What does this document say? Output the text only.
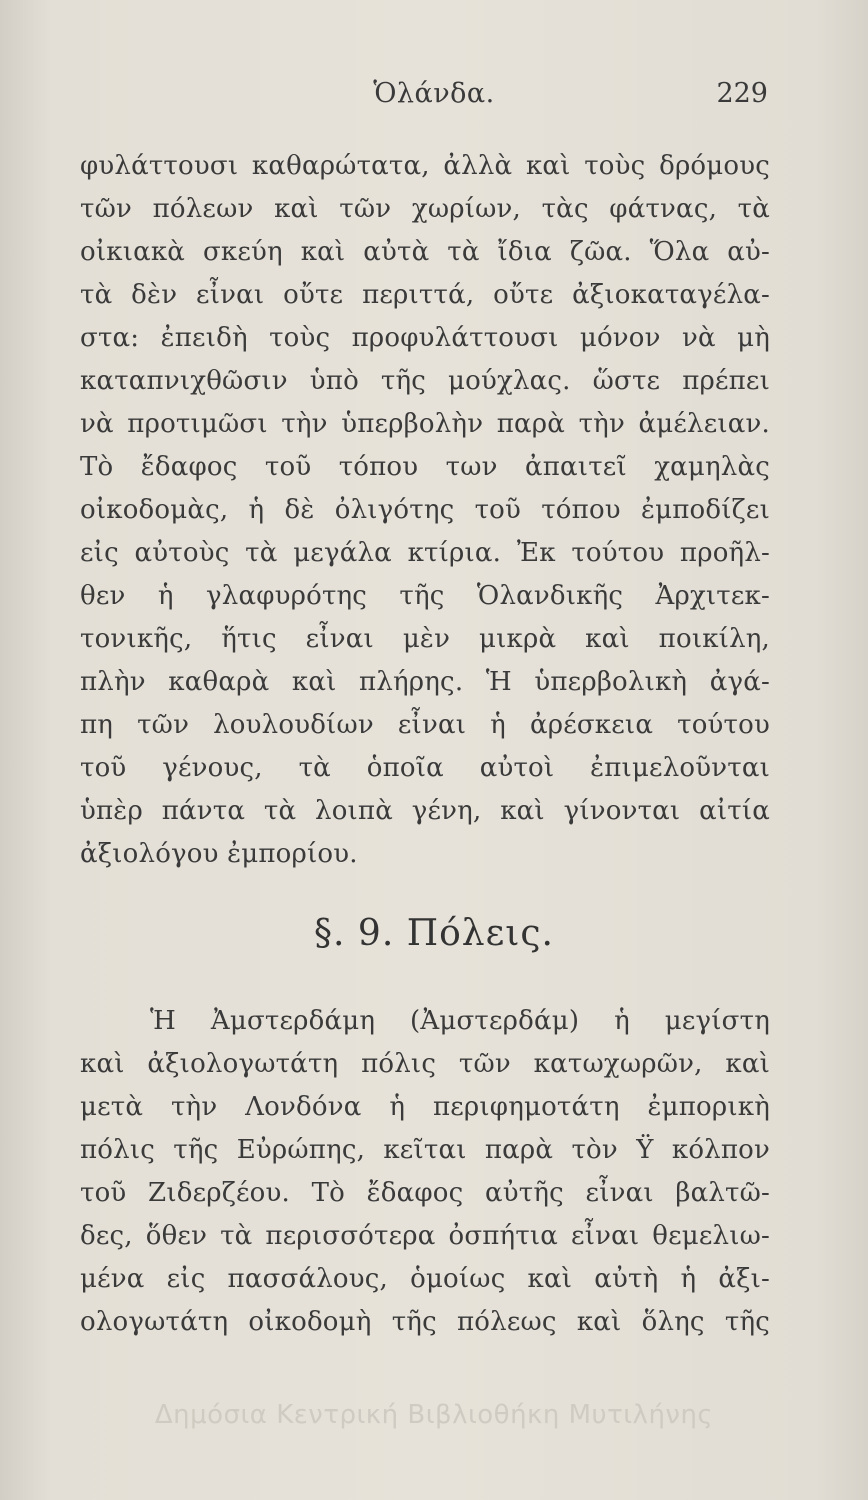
Ὁλάνδα.	229
φυλάττουσι καθαρώτατα, ἀλλὰ καὶ τοὺς δρόμους
τῶν πόλεων καὶ τῶν χωρίων, τὰς φάτνας, τὰ
οἰκιακὰ σκεύη καὶ αὐτὰ τὰ ἴδια ζῶα. Ὅλα αὐ-
τὰ δὲν εἶναι οὔτε περιττά, οὔτε ἀξιοκαταγέλα-
στα: ἐπειδὴ τοὺς προφυλάττουσι μόνον νὰ μὴ
καταπνιχθῶσιν ὑπὸ τῆς μούχλας. ὥστε πρέπει
νὰ προτιμῶσι τὴν ὑπερβολὴν παρὰ τὴν ἀμέλειαν.
Τὸ ἔδαφος τοῦ τόπου των ἀπαιτεῖ χαμηλὰς
οἰκοδομὰς, ἡ δὲ ὀλιγότης τοῦ τόπου ἐμποδίζει
εἰς αὐτοὺς τὰ μεγάλα κτίρια. Ἐκ τούτου προῆλ-
θεν ἡ γλαφυρότης τῆς Ὁλανδικῆς Ἀρχιτεκ-
τονικῆς, ἥτις εἶναι μὲν μικρὰ καὶ ποικίλη,
πλὴν καθαρὰ καὶ πλήρης. Ἡ ὑπερβολικὴ ἀγά-
πη τῶν λουλουδίων εἶναι ἡ ἀρέσκεια τούτου
τοῦ γένους, τὰ ὁποῖα αὐτοὶ ἐπιμελοῦνται
ὑπὲρ πάντα τὰ λοιπὰ γένη, καὶ γίνονται αἰτία
ἀξιολόγου ἐμπορίου.
§. 9. Πόλεις.
Ἡ Ἀμστερδάμη (Ἀμστερδάμ) ἡ μεγίστη
καὶ ἀξιολογωτάτη πόλις τῶν κατωχωρῶν, καὶ
μετὰ τὴν Λονδόνα ἡ περιφημοτάτη ἐμπορικὴ
πόλις τῆς Εὐρώπης, κεῖται παρὰ τὸν Ϋ κόλπον
τοῦ Ζιδερζέου. Τὸ ἔδαφος αὐτῆς εἶναι βαλτῶ-
δες, ὅθεν τὰ περισσότερα ὀσπήτια εἶναι θεμελιω-
μένα εἰς πασσάλους, ὁμοίως καὶ αὐτὴ ἡ ἀξι-
ολογωτάτη οἰκοδομὴ τῆς πόλεως καὶ ὅλης τῆς
Δημόσια Κεντρική Βιβλιοθήκη Μυτιλήνης
